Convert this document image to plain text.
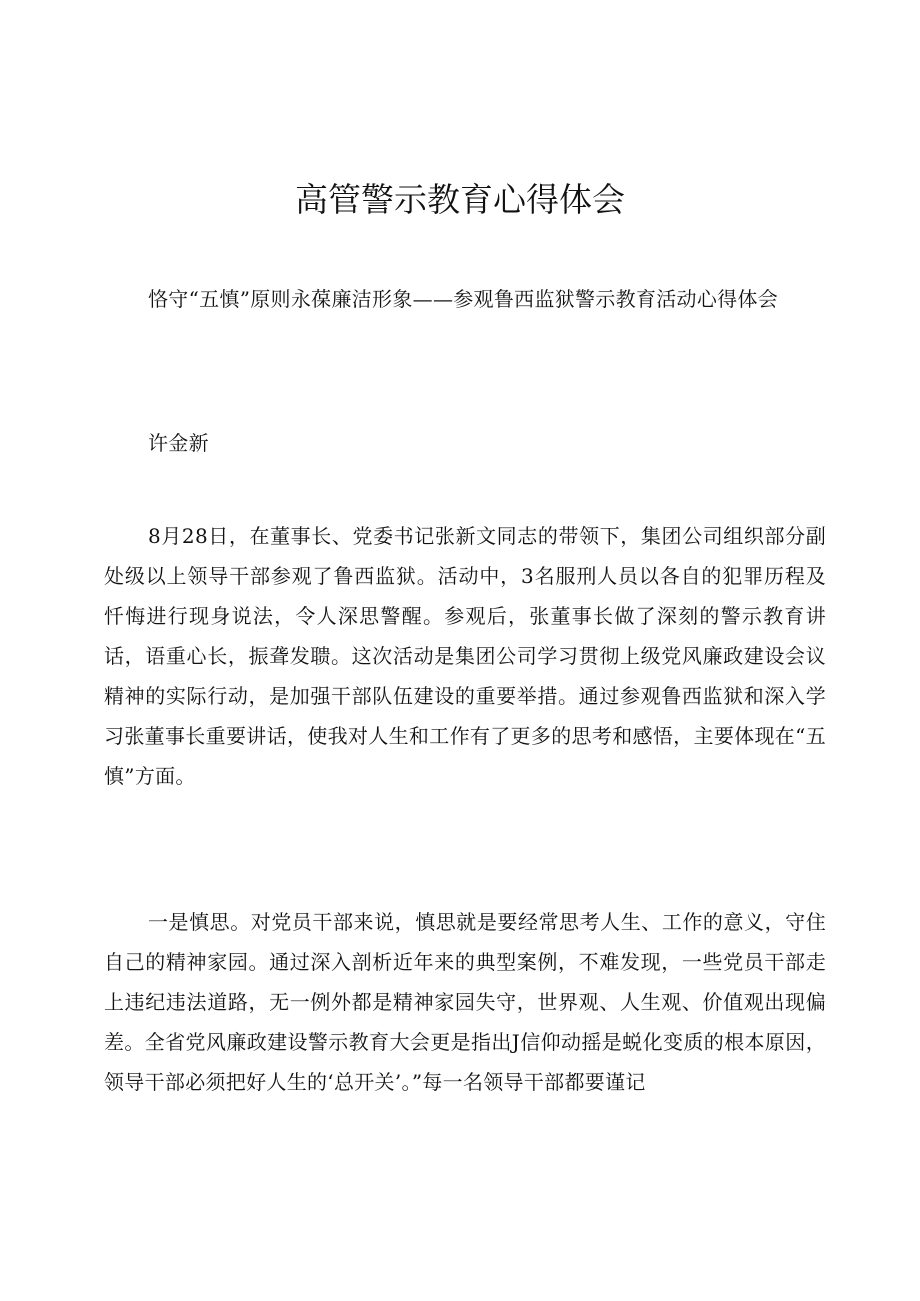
高管警示教育心得体会

恪守“五慎”原则永葆廉洁形象——参观鲁西监狱警示教育活动心得体会

许金新

8月28日，在董事长、党委书记张新文同志的带领下，集团公司组织部分副处级以上领导干部参观了鲁西监狱。活动中，3名服刑人员以各自的犯罪历程及忏悔进行现身说法，令人深思警醒。参观后，张董事长做了深刻的警示教育讲话，语重心长，振聋发聩。这次活动是集团公司学习贯彻上级党风廉政建设会议精神的实际行动，是加强干部队伍建设的重要举措。通过参观鲁西监狱和深入学习张董事长重要讲话，使我对人生和工作有了更多的思考和感悟，主要体现在“五慎”方面。

一是慎思。对党员干部来说，慎思就是要经常思考人生、工作的意义，守住自己的精神家园。通过深入剖析近年来的典型案例，不难发现，一些党员干部走上违纪违法道路，无一例外都是精神家园失守，世界观、人生观、价值观出现偏差。全省党风廉政建设警示教育大会更是指出J信仰动摇是蜕化变质的根本原因，领导干部必须把好人生的‘总开关’。”每一名领导干部都要谨记
